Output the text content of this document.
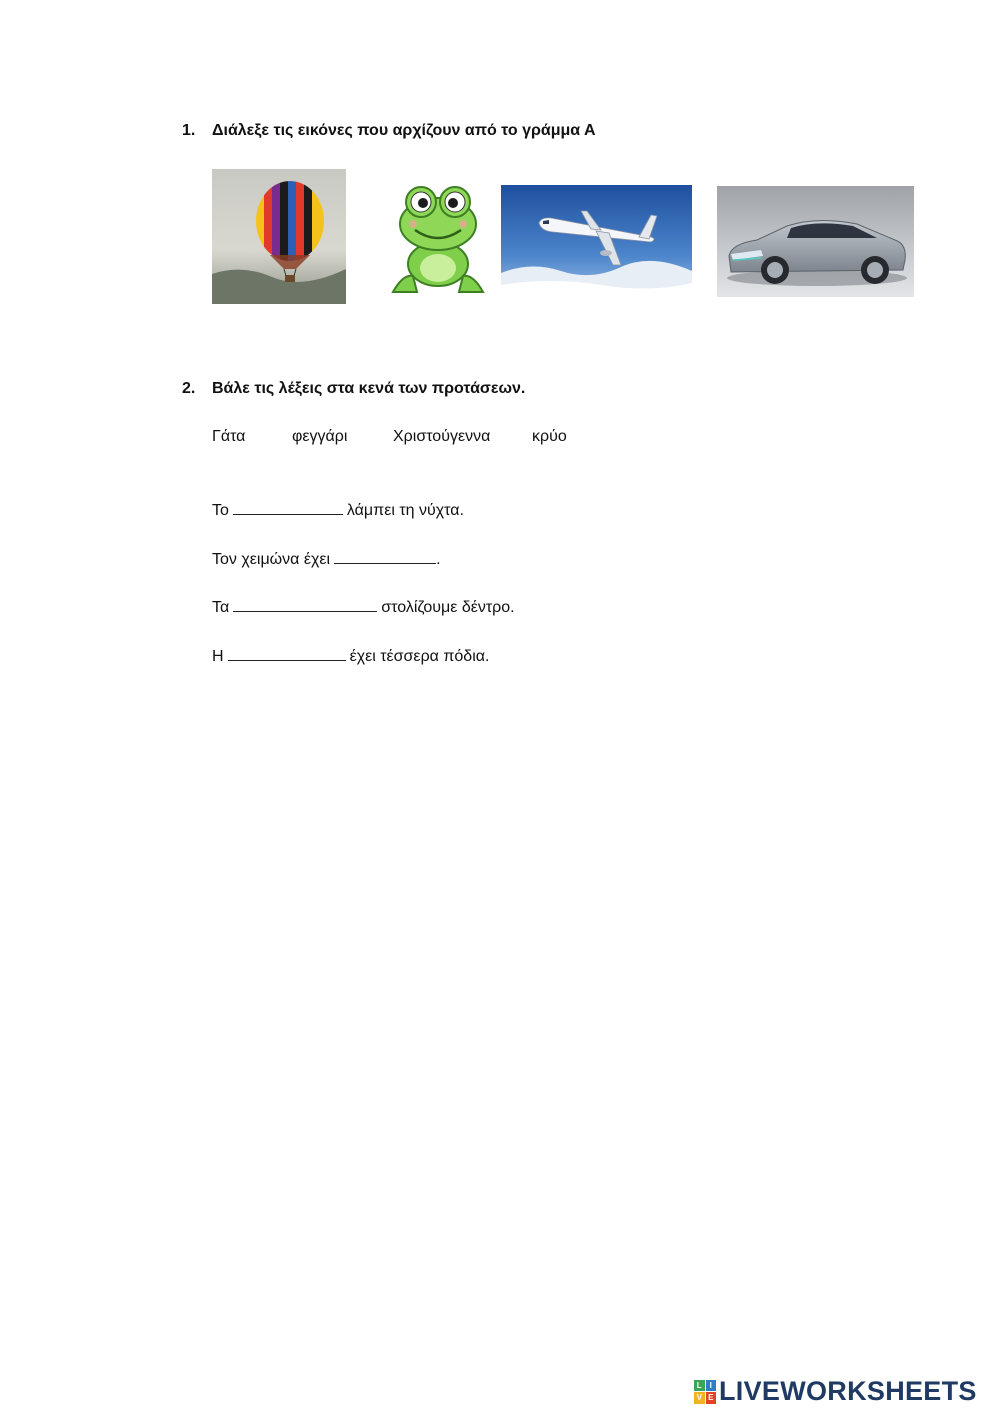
1.	Διάλεξε τις εικόνες που αρχίζουν από το γράμμα Α
2.	Βάλε τις λέξεις στα κενά των προτάσεων.
Γάτα	φεγγάρι	Χριστούγεννα	κρύο
Το	λάμπει τη νύχτα.
Τον χειμώνα έχει	.
Τα	στολίζουμε δέντρο.
Η	έχει τέσσερα πόδια.
L I
V E LIVEWORKSHEETS
